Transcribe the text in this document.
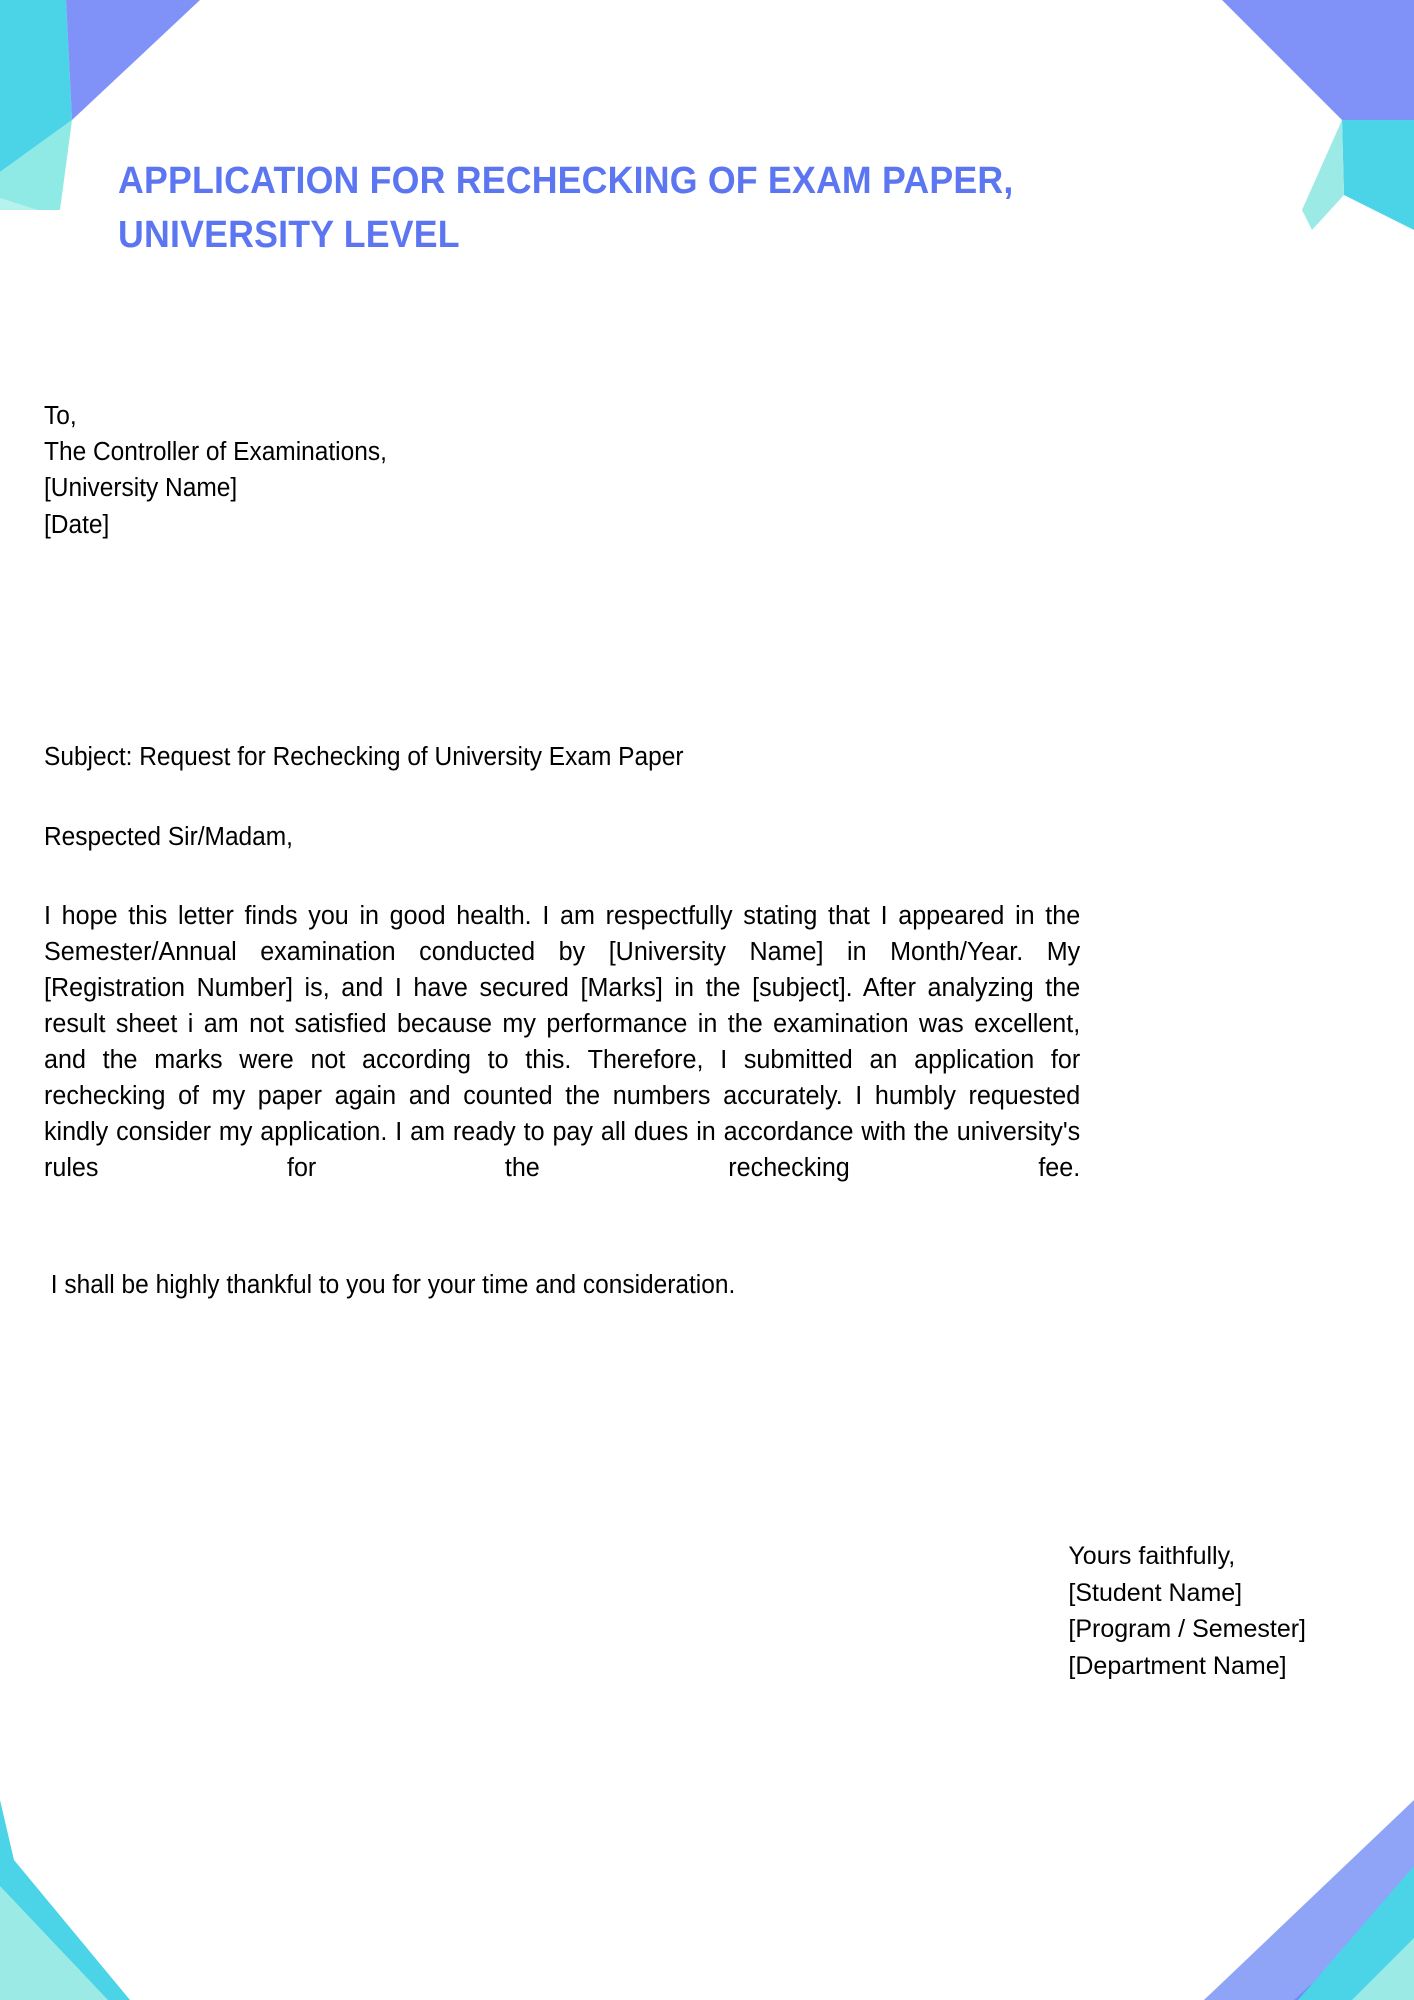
APPLICATION FOR RECHECKING OF EXAM PAPER,
UNIVERSITY LEVEL
To,
The Controller of Examinations,
[University Name]
[Date]
Subject: Request for Rechecking of University Exam Paper
Respected Sir/Madam,

I hope this letter finds you in good health. I am respectfully stating that I appeared in the Semester/Annual examination conducted by [University Name] in Month/Year. My [Registration Number] is, and I have secured [Marks] in the [subject]. After analyzing the result sheet i am not satisfied because my performance in the examination was excellent, and the marks were not according to this. Therefore, I submitted an application for rechecking of my paper again and counted the numbers accurately. I humbly requested kindly consider my application. I am ready to pay all dues in accordance with the university's rules for the rechecking fee.

I shall be highly thankful to you for your time and consideration.
Yours faithfully,
[Student Name]
[Program / Semester]
[Department Name]
